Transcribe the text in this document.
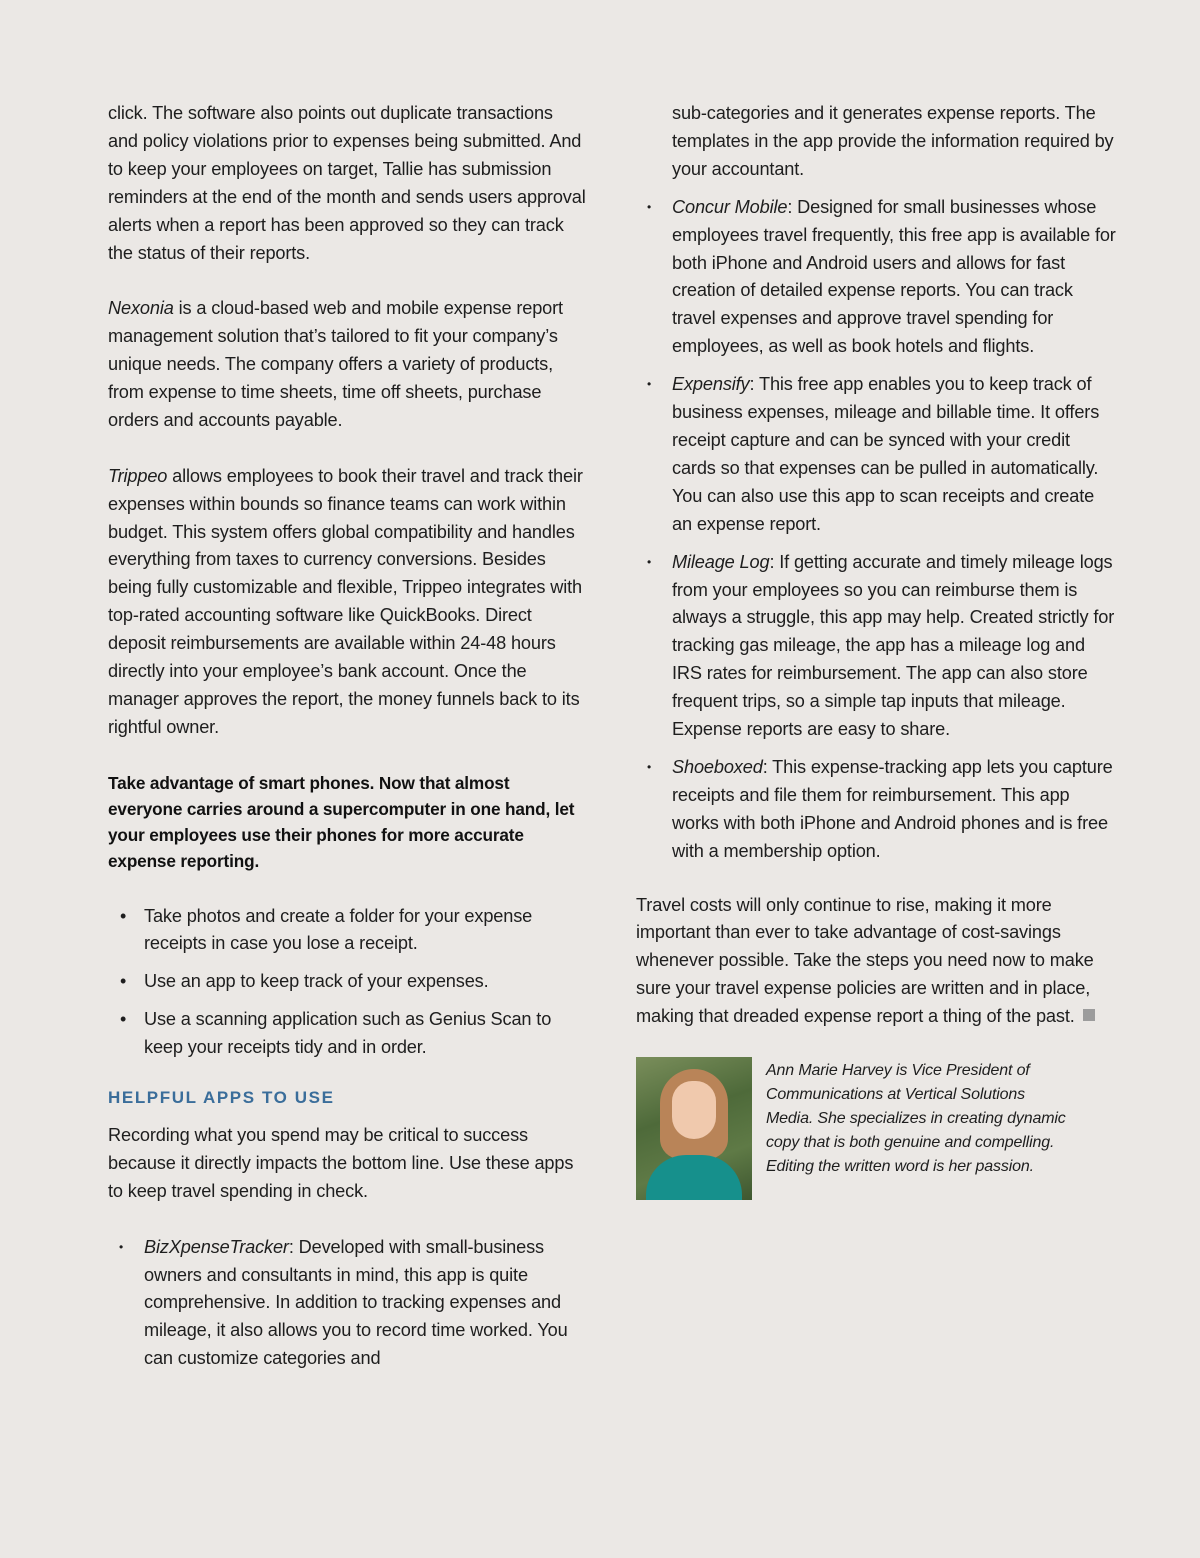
click. The software also points out duplicate transactions and policy violations prior to expenses being submitted. And to keep your employees on target, Tallie has submission reminders at the end of the month and sends users approval alerts when a report has been approved so they can track the status of their reports.

Nexonia is a cloud-based web and mobile expense report management solution that’s tailored to fit your company’s unique needs. The company offers a variety of products, from expense to time sheets, time off sheets, purchase orders and accounts payable.

Trippeo allows employees to book their travel and track their expenses within bounds so finance teams can work within budget. This system offers global compatibility and handles everything from taxes to currency conversions. Besides being fully customizable and flexible, Trippeo integrates with top-rated accounting software like QuickBooks. Direct deposit reimbursements are available within 24-48 hours directly into your employee’s bank account. Once the manager approves the report, the money funnels back to its rightful owner.

Take advantage of smart phones. Now that almost everyone carries around a supercomputer in one hand, let your employees use their phones for more accurate expense reporting.

• Take photos and create a folder for your expense receipts in case you lose a receipt.
• Use an app to keep track of your expenses.
• Use a scanning application such as Genius Scan to keep your receipts tidy and in order.
HELPFUL APPS TO USE

Recording what you spend may be critical to success because it directly impacts the bottom line. Use these apps to keep travel spending in check.

• BizXpenseTracker: Developed with small-business owners and consultants in mind, this app is quite comprehensive. In addition to tracking expenses and mileage, it also allows you to record time worked. You can customize categories and

sub-categories and it generates expense reports. The templates in the app provide the information required by your accountant.

• Concur Mobile: Designed for small businesses whose employees travel frequently, this free app is available for both iPhone and Android users and allows for fast creation of detailed expense reports. You can track travel expenses and approve travel spending for employees, as well as book hotels and flights.
• Expensify: This free app enables you to keep track of business expenses, mileage and billable time. It offers receipt capture and can be synced with your credit cards so that expenses can be pulled in automatically. You can also use this app to scan receipts and create an expense report.
• Mileage Log: If getting accurate and timely mileage logs from your employees so you can reimburse them is always a struggle, this app may help. Created strictly for tracking gas mileage, the app has a mileage log and IRS rates for reimbursement. The app can also store frequent trips, so a simple tap inputs that mileage. Expense reports are easy to share.
• Shoeboxed: This expense-tracking app lets you capture receipts and file them for reimbursement. This app works with both iPhone and Android phones and is free with a membership option.

Travel costs will only continue to rise, making it more important than ever to take advantage of cost-savings whenever possible. Take the steps you need now to make sure your travel expense policies are written and in place, making that dreaded expense report a thing of the past.

Ann Marie Harvey is Vice President of Communications at Vertical Solutions Media. She specializes in creating dynamic copy that is both genuine and compelling. Editing the written word is her passion.
